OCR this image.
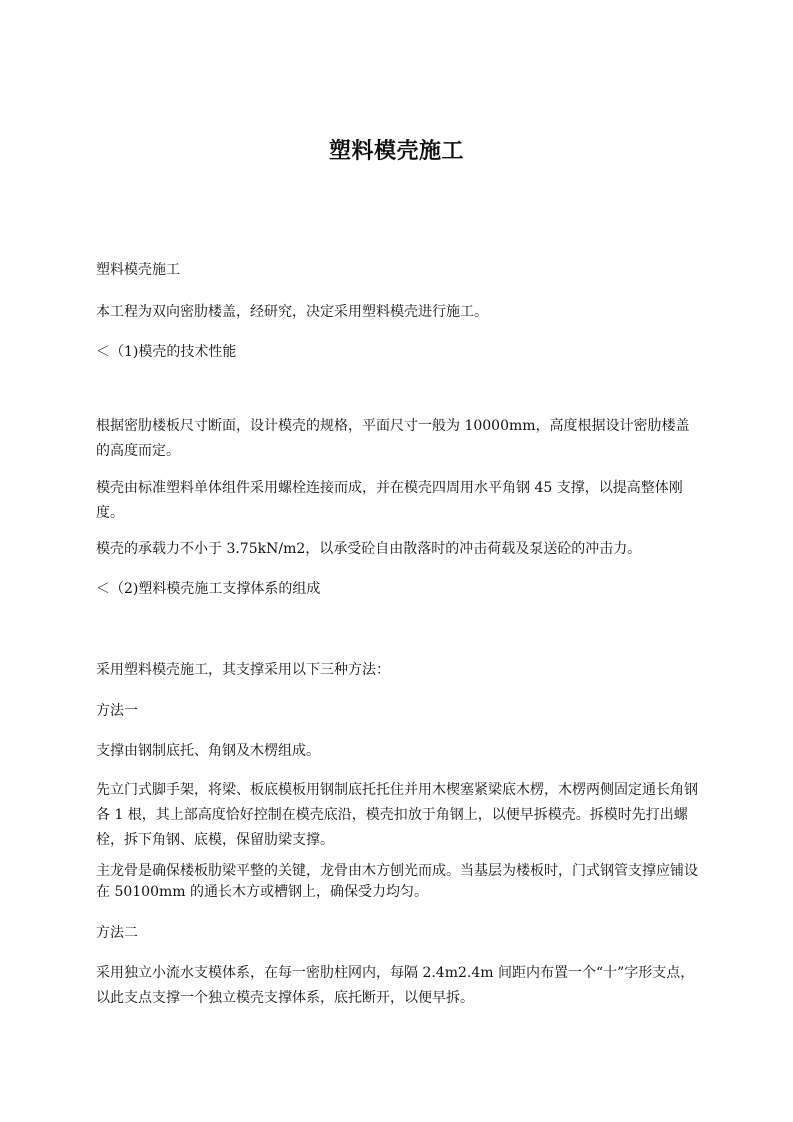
塑料模壳施工

塑料模壳施工

本工程为双向密肋楼盖，经研究，决定采用塑料模壳进行施工。

＜（1)模壳的技术性能

根据密肋楼板尺寸断面，设计模壳的规格，平面尺寸一般为 10000mm，高度根据设计密肋楼盖的高度而定。

模壳由标准塑料单体组件采用螺栓连接而成，并在模壳四周用水平角钢 45 支撑，以提高整体刚度。

模壳的承载力不小于 3.75kN/m2，以承受砼自由散落时的冲击荷载及泵送砼的冲击力。

＜（2)塑料模壳施工支撑体系的组成

采用塑料模壳施工，其支撑采用以下三种方法：

方法一

支撑由钢制底托、角钢及木楞组成。

先立门式脚手架，将梁、板底模板用钢制底托托住并用木楔塞紧梁底木楞，木楞两侧固定通长角钢各 1 根，其上部高度恰好控制在模壳底沿，模壳扣放于角钢上，以便早拆模壳。拆模时先打出螺栓，拆下角钢、底模，保留肋梁支撑。

主龙骨是确保楼板肋梁平整的关键，龙骨由木方刨光而成。当基层为楼板时，门式钢管支撑应铺设在 50100mm 的通长木方或槽钢上，确保受力均匀。

方法二

采用独立小流水支模体系，在每一密肋柱网内，每隔 2.4m2.4m 间距内布置一个“十”字形支点，以此支点支撑一个独立模壳支撑体系，底托断开，以便早拆。
